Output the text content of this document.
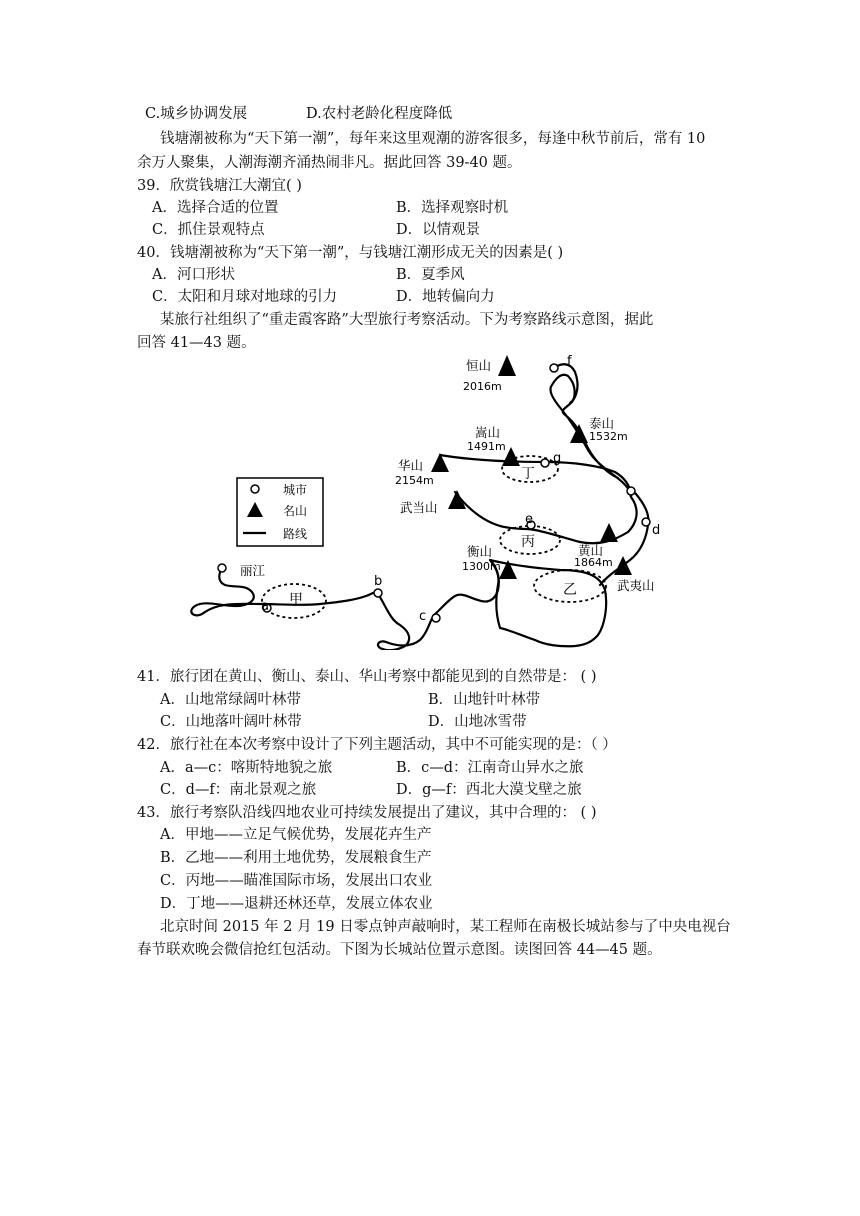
C.城乡协调发展	D.农村老龄化程度降低
钱塘潮被称为“天下第一潮”，每年来这里观潮的游客很多，每逢中秋节前后，常有 10
余万人聚集，人潮海潮齐涌热闹非凡。据此回答 39-40 题。
39．欣赏钱塘江大潮宜( )
A．选择合适的位置	B．选择观察时机
C．抓住景观特点	D．以情观景
40．钱塘潮被称为“天下第一潮”，与钱塘江潮形成无关的因素是( )
A．河口形状	B．夏季风
C．太阳和月球对地球的引力	D．地转偏向力
某旅行社组织了“重走霞客路”大型旅行考察活动。下为考察路线示意图，据此
回答 41—43 题。
恒山
2016m
泰山
1532m
嵩山
1491m
华山
2154m
武当山
衡山
1300m
黄山
1864m
武夷山
丽江
f
g
e
d
b
c
a
丁
丙
乙
甲
城市
名山
路线
41．旅行团在黄山、衡山、泰山、华山考察中都能见到的自然带是： ( )
A．山地常绿阔叶林带	B．山地针叶林带
C．山地落叶阔叶林带	D．山地冰雪带
42．旅行社在本次考察中设计了下列主题活动，其中不可能实现的是：（ ）
A．a—c：喀斯特地貌之旅	B．c—d：江南奇山异水之旅
C．d—f：南北景观之旅	D．g—f：西北大漠戈壁之旅
43．旅行考察队沿线四地农业可持续发展提出了建议，其中合理的： ( )
A．甲地——立足气候优势，发展花卉生产
B．乙地——利用土地优势，发展粮食生产
C．丙地——瞄准国际市场，发展出口农业
D．丁地——退耕还林还草，发展立体农业
北京时间 2015 年 2 月 19 日零点钟声敲响时，某工程师在南极长城站参与了中央电视台
春节联欢晚会微信抢红包活动。下图为长城站位置示意图。读图回答 44—45 题。
